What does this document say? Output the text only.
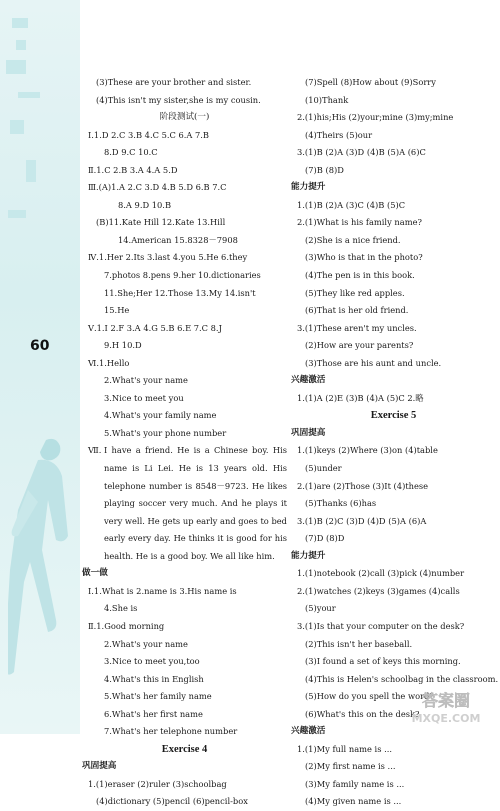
60
(3)These are your brother and sister.
(4)This isn't my sister,she is my cousin.
阶段测试(一)
Ⅰ.1.D 2.C 3.B 4.C 5.C 6.A 7.B
8.D 9.C 10.C
Ⅱ.1.C 2.B 3.A 4.A 5.D
Ⅲ.(A)1.A 2.C 3.D 4.B 5.D 6.B 7.C
8.A 9.D 10.B
(B)11.Kate Hill 12.Kate 13.Hill
14.American 15.8328－7908
Ⅳ.1.Her 2.Its 3.last 4.you 5.He 6.they
7.photos 8.pens 9.her 10.dictionaries
11.She;Her 12.Those 13.My 14.isn't
15.He
Ⅴ.1.I 2.F 3.A 4.G 5.B 6.E 7.C 8.J
9.H 10.D
Ⅵ.1.Hello
2.What's your name
3.Nice to meet you
4.What's your family name
5.What's your phone number
Ⅶ. I have a friend. He is a Chinese boy. His name is Li Lei. He is 13 years old. His telephone number is 8548－9723. He likes playing soccer very much. And he plays it very well. He gets up early and goes to bed early every day. He thinks it is good for his health. He is a good boy. We all like him.
做一做
Ⅰ.1.What is 2.name is 3.His name is
4.She is
Ⅱ.1.Good morning
2.What's your name
3.Nice to meet you,too
4.What's this in English
5.What's her family name
6.What's her first name
7.What's her telephone number
Exercise 4
巩固提高
1.(1)eraser (2)ruler (3)schoolbag
(4)dictionary (5)pencil (6)pencil-box
(7)Spell (8)How about (9)Sorry
(10)Thank
2.(1)his;His (2)your;mine (3)my;mine
(4)Theirs (5)our
3.(1)B (2)A (3)D (4)B (5)A (6)C
(7)B (8)D
能力提升
1.(1)B (2)A (3)C (4)B (5)C
2.(1)What is his family name?
(2)She is a nice friend.
(3)Who is that in the photo?
(4)The pen is in this book.
(5)They like red apples.
(6)That is her old friend.
3.(1)These aren't my uncles.
(2)How are your parents?
(3)Those are his aunt and uncle.
兴趣激活
1.(1)A (2)E (3)B (4)A (5)C 2.略
Exercise 5
巩固提高
1.(1)keys (2)Where (3)on (4)table
(5)under
2.(1)are (2)Those (3)It (4)these
(5)Thanks (6)has
3.(1)B (2)C (3)D (4)D (5)A (6)A
(7)D (8)D
能力提升
1.(1)notebook (2)call (3)pick (4)number
2.(1)watches (2)keys (3)games (4)calls
(5)your
3.(1)Is that your computer on the desk?
(2)This isn't her baseball.
(3)I found a set of keys this morning.
(4)This is Helen's schoolbag in the classroom.
(5)How do you spell the word?
(6)What's this on the desk?
兴趣激活
1.(1)My full name is ...
(2)My first name is ...
(3)My family name is ...
(4)My given name is ...
答案圈
MXQE.COM
